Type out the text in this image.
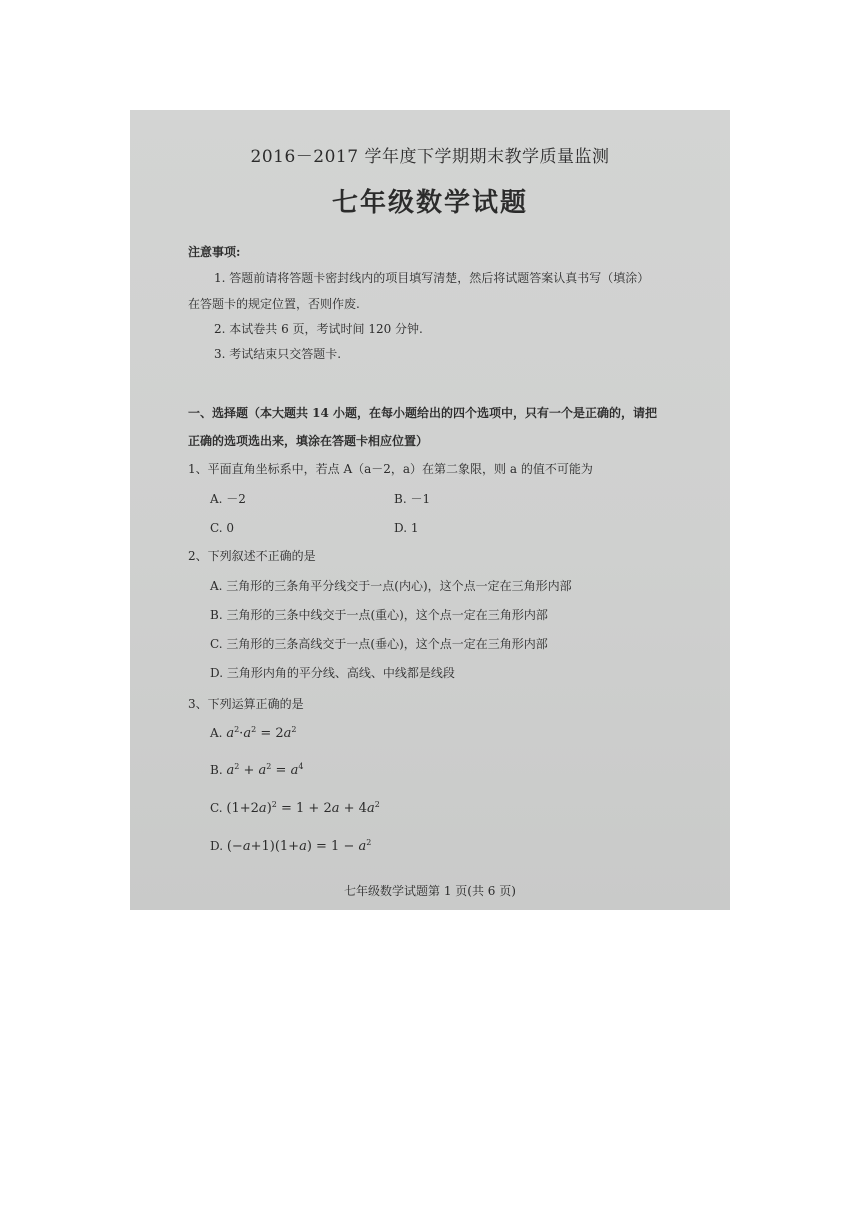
2016－2017 学年度下学期期末教学质量监测
七年级数学试题
注意事项:
1. 答题前请将答题卡密封线内的项目填写清楚，然后将试题答案认真书写（填涂）
在答题卡的规定位置，否则作废.
2. 本试卷共 6 页，考试时间 120 分钟.
3. 考试结束只交答题卡.
一、选择题（本大题共 14 小题，在每小题给出的四个选项中，只有一个是正确的，请把
正确的选项选出来，填涂在答题卡相应位置）
1、平面直角坐标系中，若点 A（a－2，a）在第二象限，则 a 的值不可能为
A. －2	B. －1
C. 0	D. 1
2、下列叙述不正确的是
A. 三角形的三条角平分线交于一点(内心)，这个点一定在三角形内部
B. 三角形的三条中线交于一点(重心)，这个点一定在三角形内部
C. 三角形的三条高线交于一点(垂心)，这个点一定在三角形内部
D. 三角形内角的平分线、高线、中线都是线段
3、下列运算正确的是
A. $a^2\cdot a^2 = 2a^2$
B. $a^2 + a^2 = a^4$
C. $(1+2a)^2 = 1 + 2a + 4a^2$
D. $(-a+1)(1+a) = 1 - a^2$
七年级数学试题第 1 页(共 6 页)
